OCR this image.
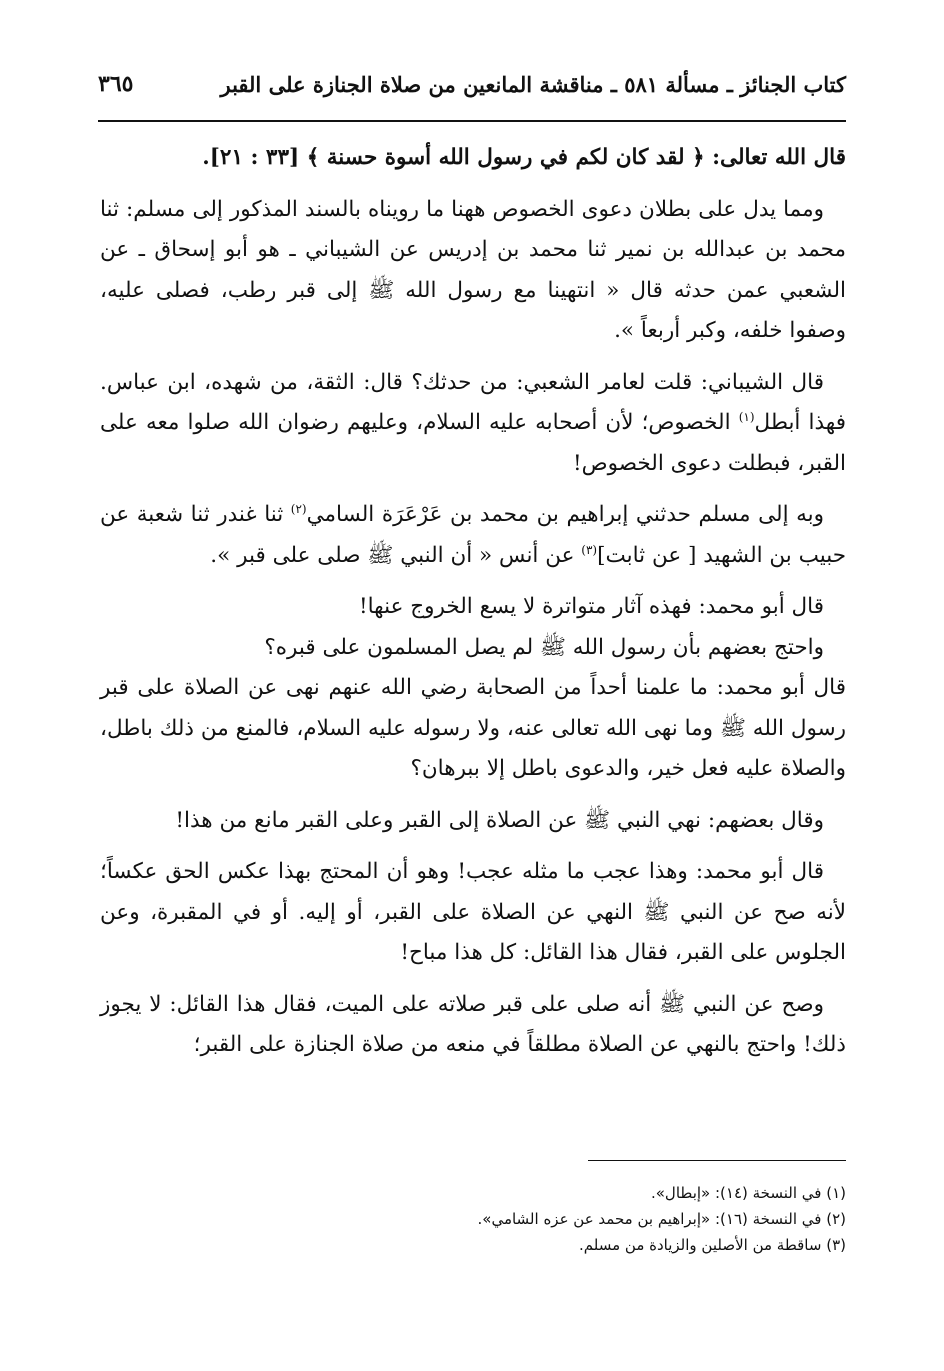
كتاب الجنائز ـ مسألة ٥٨١ ـ مناقشة المانعين من صلاة الجنازة على القبر
٣٦٥

قال الله تعالى: ﴿ لقد كان لكم في رسول الله أسوة حسنة ﴾ [٣٣ : ٢١].

ومما يدل على بطلان دعوى الخصوص ههنا ما رويناه بالسند المذكور إلى مسلم: ثنا محمد بن عبدالله بن نمير ثنا محمد بن إدريس عن الشيباني ـ هو أبو إسحاق ـ عن الشعبي عمن حدثه قال « انتهينا مع رسول الله ﷺ إلى قبر رطب، فصلى عليه، وصفوا خلفه، وكبر أربعاً ».

قال الشيباني: قلت لعامر الشعبي: من حدثك؟ قال: الثقة، من شهده، ابن عباس. فهذا أبطل$^{(١)}$ الخصوص؛ لأن أصحابه عليه السلام، وعليهم رضوان الله صلوا معه على القبر، فبطلت دعوى الخصوص!

وبه إلى مسلم حدثني إبراهيم بن محمد بن عَرْعَرَة السامي$^{(٢)}$ ثنا غندر ثنا شعبة عن حبيب بن الشهيد [ عن ثابت]$^{(٣)}$ عن أنس « أن النبي ﷺ صلى على قبر ».

قال أبو محمد: فهذه آثار متواترة لا يسع الخروج عنها!

واحتج بعضهم بأن رسول الله ﷺ لم يصل المسلمون على قبره؟

قال أبو محمد: ما علمنا أحداً من الصحابة رضي الله عنهم نهى عن الصلاة على قبر رسول الله ﷺ وما نهى الله تعالى عنه، ولا رسوله عليه السلام، فالمنع من ذلك باطل، والصلاة عليه فعل خير، والدعوى باطل إلا ببرهان؟

وقال بعضهم: نهي النبي ﷺ عن الصلاة إلى القبر وعلى القبر مانع من هذا!

قال أبو محمد: وهذا عجب ما مثله عجب! وهو أن المحتج بهذا عكس الحق عكساً؛ لأنه صح عن النبي ﷺ النهي عن الصلاة على القبر، أو إليه. أو في المقبرة، وعن الجلوس على القبر، فقال هذا القائل: كل هذا مباح!

وصح عن النبي ﷺ أنه صلى على قبر صلاته على الميت، فقال هذا القائل: لا يجوز ذلك! واحتج بالنهي عن الصلاة مطلقاً في منعه من صلاة الجنازة على القبر؛

(١) في النسخة (١٤): «إبطال».
(٢) في النسخة (١٦): «إبراهيم بن محمد عن عزه الشامي».
(٣) ساقطة من الأصلين والزيادة من مسلم.
